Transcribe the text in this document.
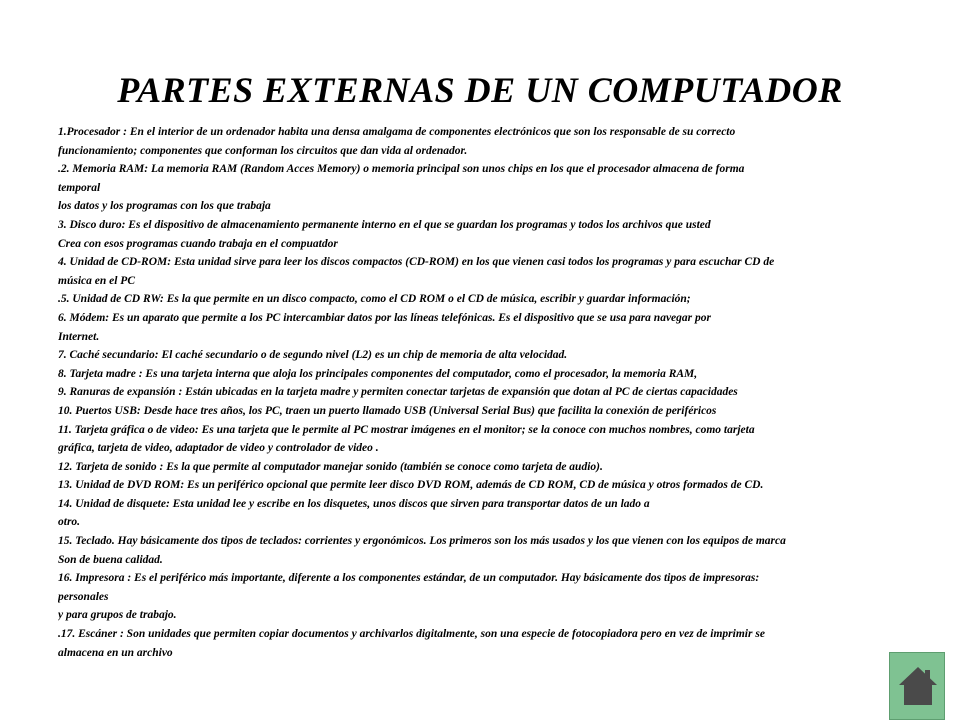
PARTES EXTERNAS DE UN COMPUTADOR
1.Procesador : En el interior de un ordenador habita una densa amalgama de componentes electrónicos que son los responsable de su correcto
funcionamiento; componentes que conforman los circuitos que dan vida al ordenador.
.2. Memoria RAM: La memoria RAM (Random Acces Memory) o memoria principal son unos chips en los que el procesador almacena de forma
temporal
los datos y los programas con los que trabaja
3. Disco duro: Es el dispositivo de almacenamiento permanente interno en el que se guardan los programas y todos los archivos que usted
Crea con esos programas cuando trabaja en el compuatdor
4. Unidad de CD-ROM: Esta unidad sirve para leer los discos compactos (CD-ROM) en los que vienen casi todos los programas y para escuchar CD de
música en el PC
.5. Unidad de CD RW: Es la que permite en un disco compacto, como el CD ROM o el CD de música, escribir y guardar información;
6. Módem: Es un aparato que permite a los PC intercambiar datos por las líneas telefónicas. Es el dispositivo que se usa para navegar por
Internet.
7. Caché secundario: El caché secundario o de segundo nivel (L2) es un chip de memoria de alta velocidad.
8. Tarjeta madre : Es una tarjeta interna que aloja los principales componentes del computador, como el procesador, la memoria RAM,
9. Ranuras de expansión : Están ubicadas en la tarjeta madre y permiten conectar tarjetas de expansión que dotan al PC de ciertas capacidades
10. Puertos USB: Desde hace tres años, los PC, traen un puerto llamado USB (Universal Serial Bus) que facilita la conexión de periféricos
11. Tarjeta gráfica o de video: Es una tarjeta que le permite al PC mostrar imágenes en el monitor; se la conoce con muchos nombres, como tarjeta
gráfica, tarjeta de video, adaptador de video y controlador de video .
12. Tarjeta de sonido : Es la que permite al computador manejar sonido (también se conoce como tarjeta de audio).
13. Unidad de DVD ROM: Es un periférico opcional que permite leer disco DVD ROM, además de CD ROM, CD de música y otros formados de CD.
14. Unidad de disquete: Esta unidad lee y escribe en los disquetes, unos discos que sirven para transportar datos de un lado a
otro.
15. Teclado. Hay básicamente dos tipos de teclados: corrientes y ergonómicos. Los primeros son los más usados y los que vienen con los equipos de marca
Son de buena calidad.
16. Impresora : Es el periférico más importante, diferente a los componentes estándar, de un computador. Hay básicamente dos tipos de impresoras:
personales
y para grupos de trabajo.
.17. Escáner : Son unidades que permiten copiar documentos y archivarlos digitalmente, son una especie de fotocopiadora pero en vez de imprimir se
almacena en un archivo
